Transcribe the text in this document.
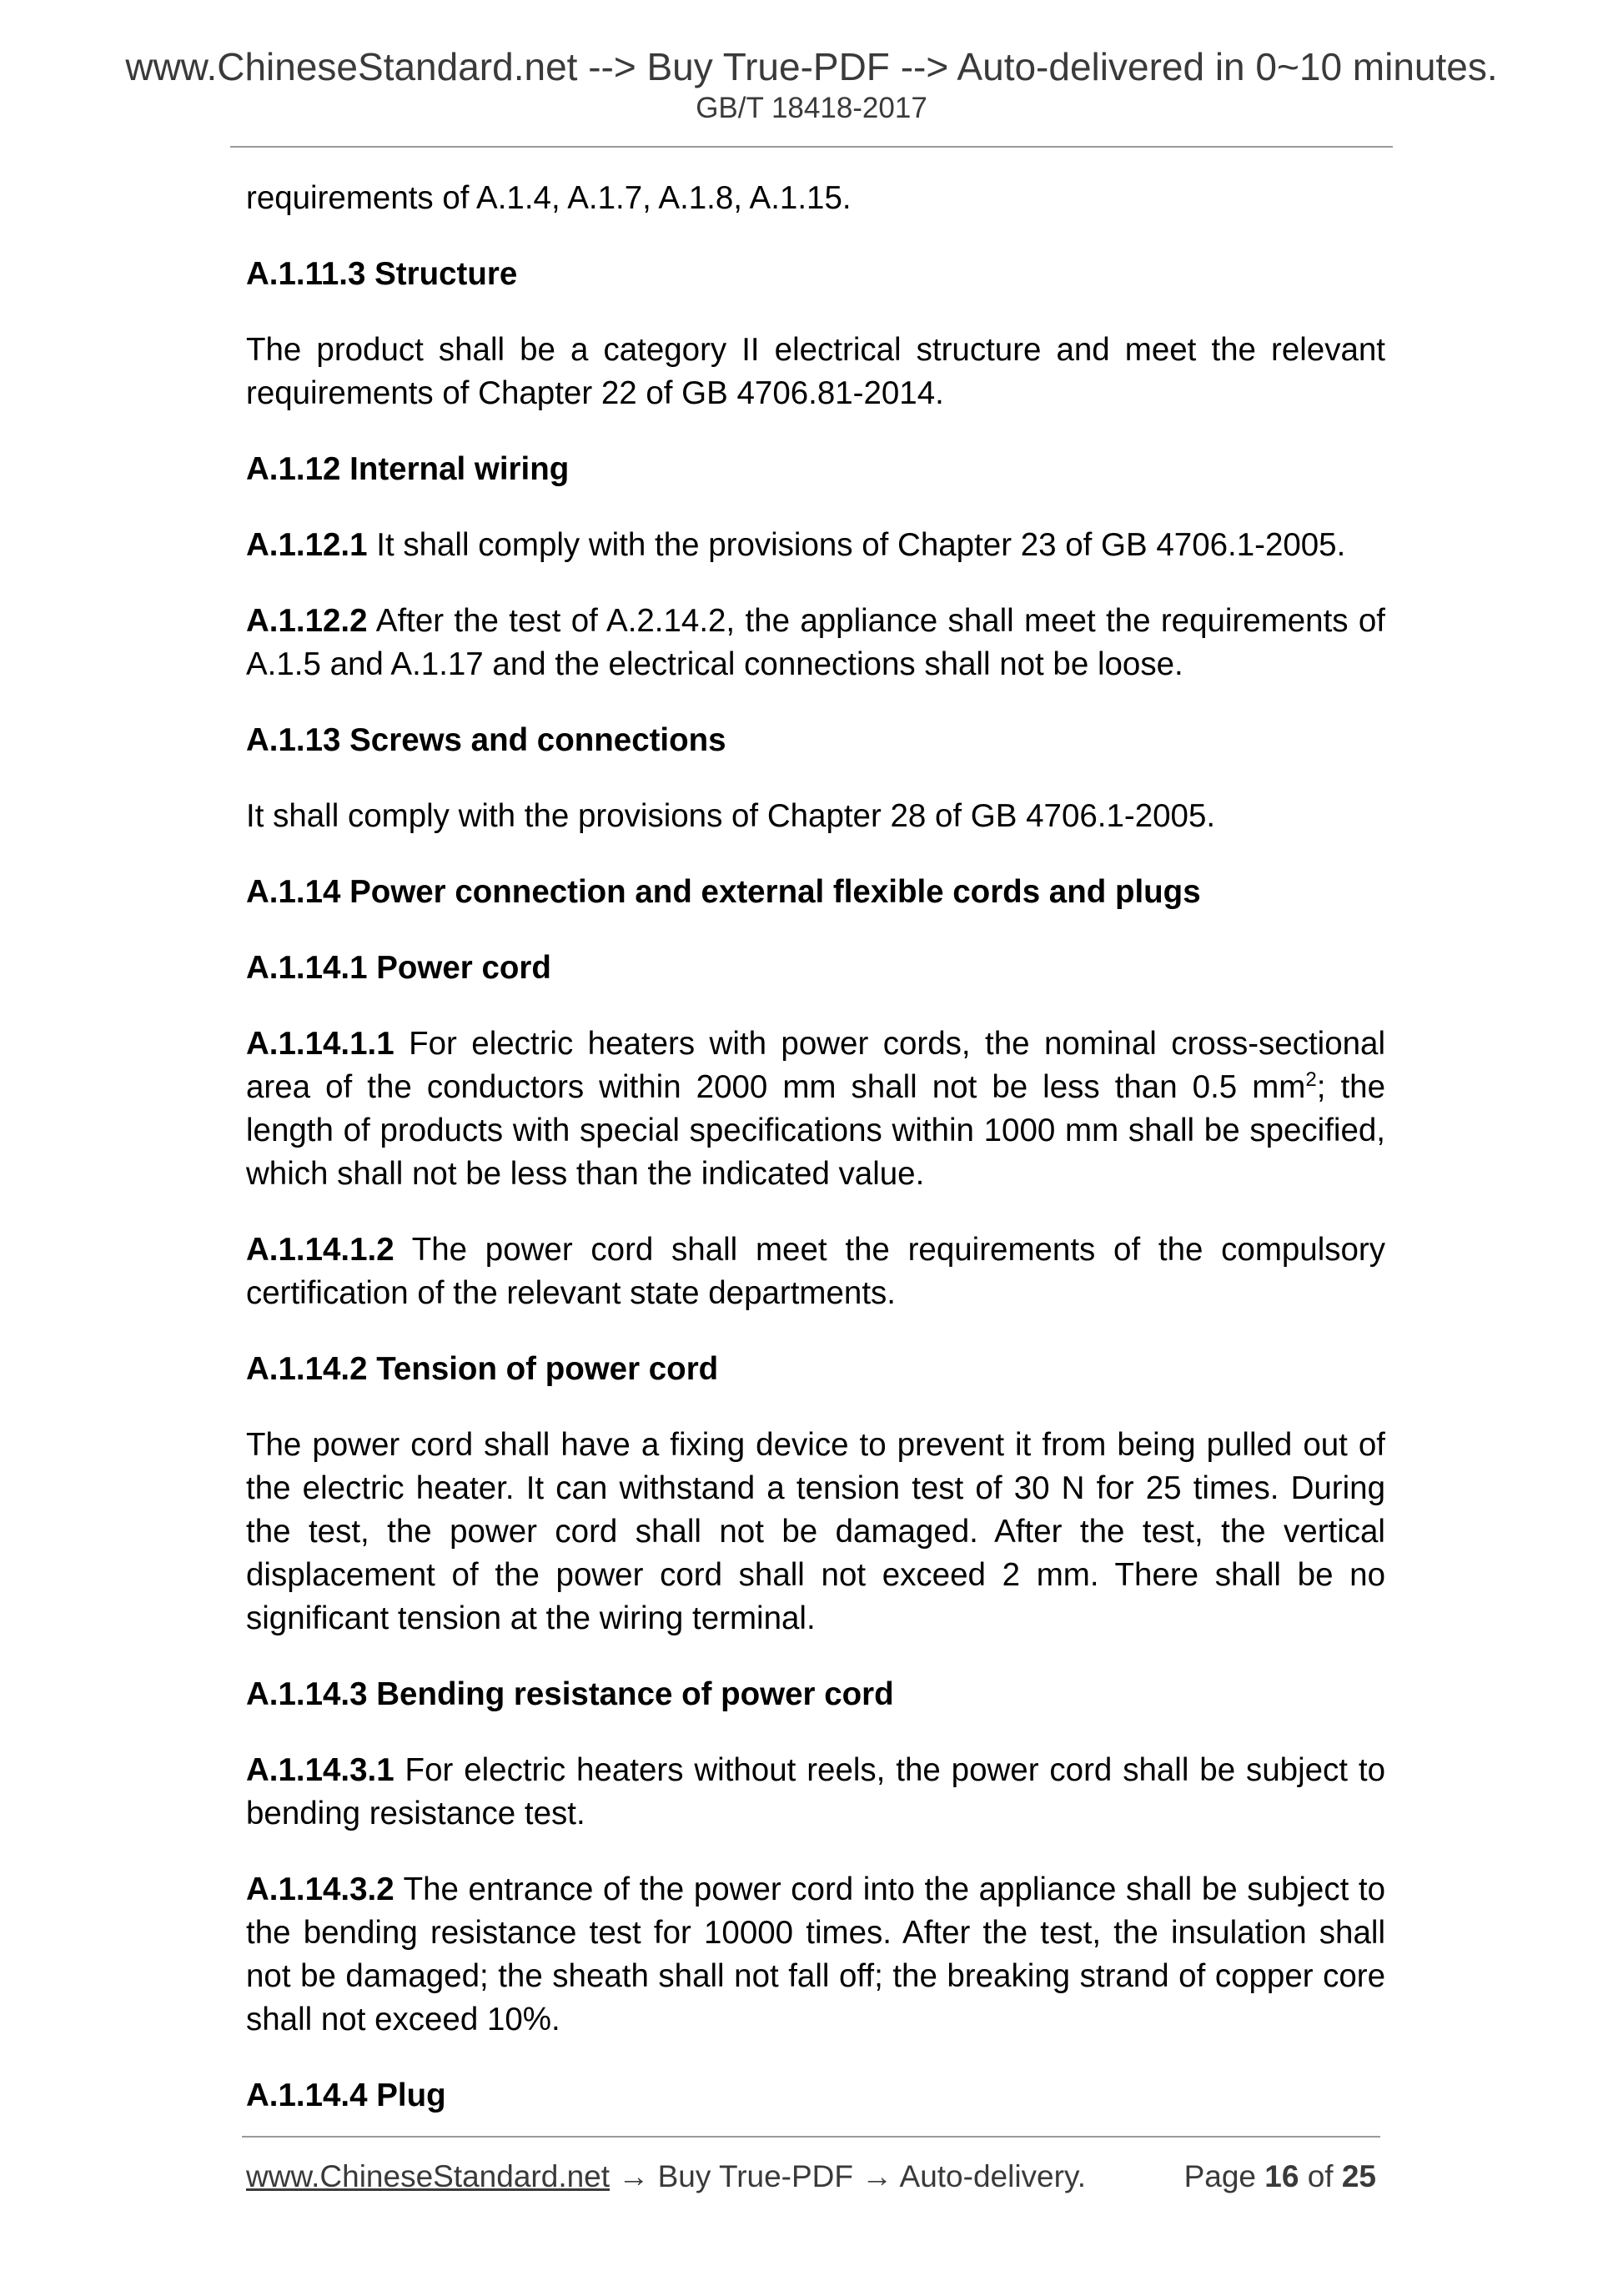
www.ChineseStandard.net --> Buy True-PDF --> Auto-delivered in 0~10 minutes.
GB/T 18418-2017

requirements of A.1.4, A.1.7, A.1.8, A.1.15.

A.1.11.3 Structure

The product shall be a category II electrical structure and meet the relevant requirements of Chapter 22 of GB 4706.81-2014.

A.1.12 Internal wiring

A.1.12.1 It shall comply with the provisions of Chapter 23 of GB 4706.1-2005.

A.1.12.2 After the test of A.2.14.2, the appliance shall meet the requirements of A.1.5 and A.1.17 and the electrical connections shall not be loose.

A.1.13 Screws and connections

It shall comply with the provisions of Chapter 28 of GB 4706.1-2005.

A.1.14 Power connection and external flexible cords and plugs

A.1.14.1 Power cord

A.1.14.1.1 For electric heaters with power cords, the nominal cross-sectional area of the conductors within 2000 mm shall not be less than 0.5 $mm^2$; the length of products with special specifications within 1000 mm shall be specified, which shall not be less than the indicated value.

A.1.14.1.2 The power cord shall meet the requirements of the compulsory certification of the relevant state departments.

A.1.14.2 Tension of power cord

The power cord shall have a fixing device to prevent it from being pulled out of the electric heater. It can withstand a tension test of 30 N for 25 times. During the test, the power cord shall not be damaged. After the test, the vertical displacement of the power cord shall not exceed 2 mm. There shall be no significant tension at the wiring terminal.

A.1.14.3 Bending resistance of power cord

A.1.14.3.1 For electric heaters without reels, the power cord shall be subject to bending resistance test.

A.1.14.3.2 The entrance of the power cord into the appliance shall be subject to the bending resistance test for 10000 times. After the test, the insulation shall not be damaged; the sheath shall not fall off; the breaking strand of copper core shall not exceed 10%.

A.1.14.4 Plug

www.ChineseStandard.net → Buy True-PDF → Auto-delivery.	Page 16 of 25
